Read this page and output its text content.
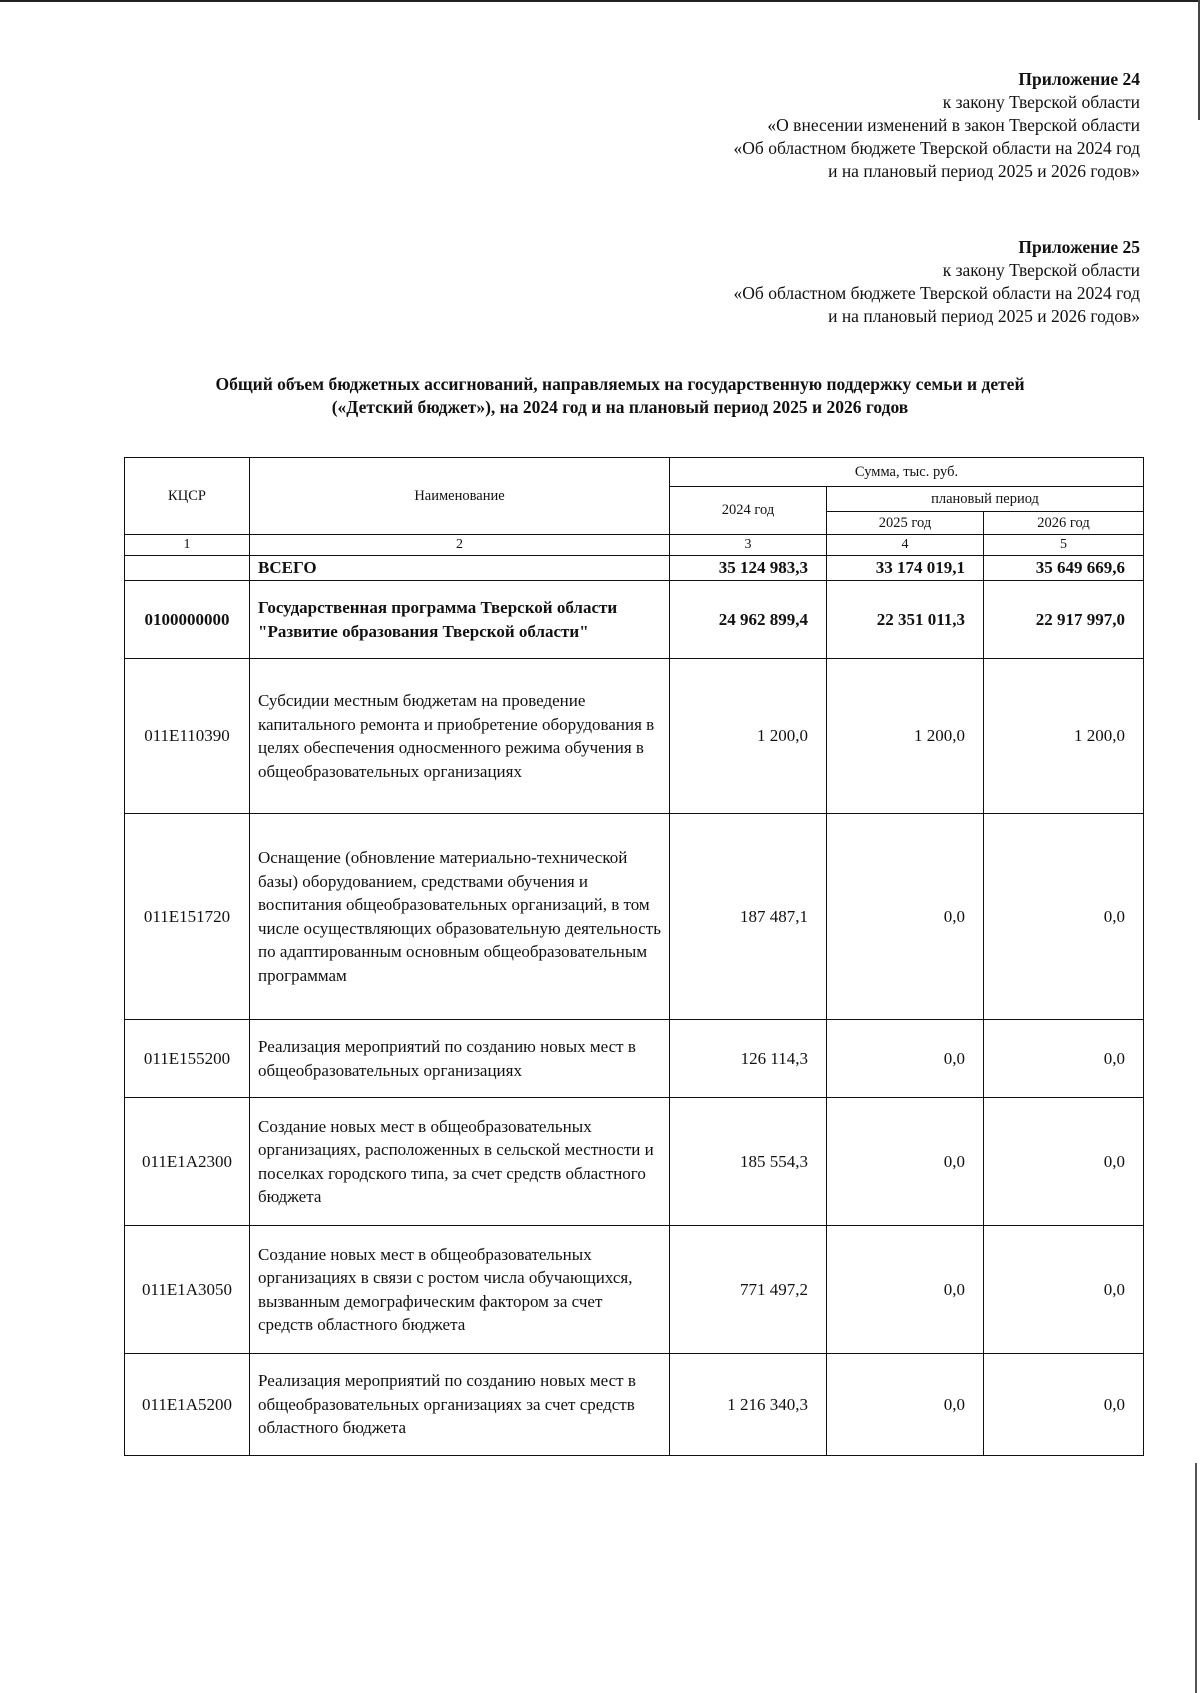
Приложение 24
к закону Тверской области
«О внесении изменений в закон Тверской области
«Об областном бюджете Тверской области на 2024 год
и на плановый период 2025 и 2026 годов»
Приложение 25
к закону Тверской области
«Об областном бюджете Тверской области на 2024 год
и на плановый период 2025 и 2026 годов»
Общий объем бюджетных ассигнований, направляемых на государственную поддержку семьи и детей
(«Детский бюджет»), на 2024 год и на плановый период 2025 и 2026 годов
КЦСР	Наименование	Сумма, тыс. руб.		
		2024 год	плановый период	
			2025 год	2026 год
1	2	3	4	5
	ВСЕГО	35 124 983,3	33 174 019,1	35 649 669,6
0100000000	Государственная программа Тверской области "Развитие образования Тверской области"	24 962 899,4	22 351 011,3	22 917 997,0
011E110390	Субсидии местным бюджетам на проведение капитального ремонта и приобретение оборудования в целях обеспечения односменного режима обучения в общеобразовательных организациях	1 200,0	1 200,0	1 200,0
011E151720	Оснащение (обновление материально-технической базы) оборудованием, средствами обучения и воспитания общеобразовательных организаций, в том числе осуществляющих образовательную деятельность по адаптированным основным общеобразовательным программам	187 487,1	0,0	0,0
011E155200	Реализация мероприятий по созданию новых мест в общеобразовательных организациях	126 114,3	0,0	0,0
011E1A2300	Создание новых мест в общеобразовательных организациях, расположенных в сельской местности и поселках городского типа, за счет средств областного бюджета	185 554,3	0,0	0,0
011E1A3050	Создание новых мест в общеобразовательных организациях в связи с ростом числа обучающихся, вызванным демографическим фактором за счет средств областного бюджета	771 497,2	0,0	0,0
011E1A5200	Реализация мероприятий по созданию новых мест в общеобразовательных организациях за счет средств областного бюджета	1 216 340,3	0,0	0,0
